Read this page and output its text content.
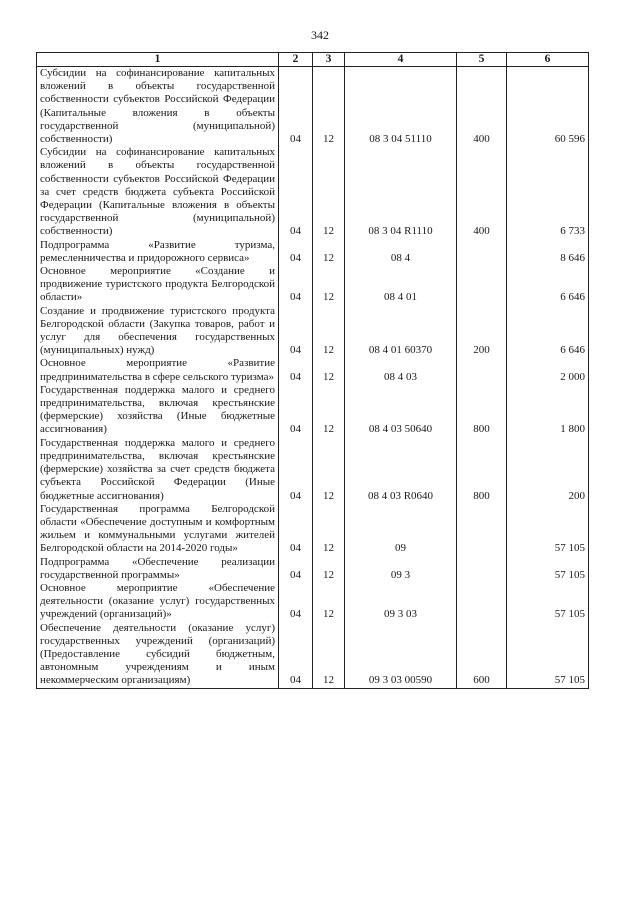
342
1	2	3	4	5	6
Субсидии на софинансирование капитальных вложений в объекты государственной собственности субъектов Российской Федерации (Капитальные вложения в объекты государственной (муниципальной) собственности)	04	12	08 3 04 51110	400	60 596
Субсидии на софинансирование капитальных вложений в объекты государственной собственности субъектов Российской Федерации за счет средств бюджета субъекта Российской Федерации (Капитальные вложения в объекты государственной (муниципальной) собственности)	04	12	08 3 04 R1110	400	6 733
Подпрограмма «Развитие туризма, ремесленничества и придорожного сервиса»	04	12	08 4		8 646
Основное мероприятие «Создание и продвижение туристского продукта Белгородской области»	04	12	08 4 01		6 646
Создание и продвижение туристского продукта Белгородской области (Закупка товаров, работ и услуг для обеспечения государственных (муниципальных) нужд)	04	12	08 4 01 60370	200	6 646
Основное мероприятие «Развитие предпринимательства в сфере сельского туризма»	04	12	08 4 03		2 000
Государственная поддержка малого и среднего предпринимательства, включая крестьянские (фермерские) хозяйства (Иные бюджетные ассигнования)	04	12	08 4 03 50640	800	1 800
Государственная поддержка малого и среднего предпринимательства, включая крестьянские (фермерские) хозяйства за счет средств бюджета субъекта Российской Федерации (Иные бюджетные ассигнования)	04	12	08 4 03 R0640	800	200
Государственная программа Белгородской области «Обеспечение доступным и комфортным жильем и коммунальными услугами жителей Белгородской области на 2014-2020 годы»	04	12	09		57 105
Подпрограмма «Обеспечение реализации государственной программы»	04	12	09 3		57 105
Основное мероприятие «Обеспечение деятельности (оказание услуг) государственных учреждений (организаций)»	04	12	09 3 03		57 105
Обеспечение деятельности (оказание услуг) государственных учреждений (организаций) (Предоставление субсидий бюджетным, автономным учреждениям и иным некоммерческим организациям)	04	12	09 3 03 00590	600	57 105
